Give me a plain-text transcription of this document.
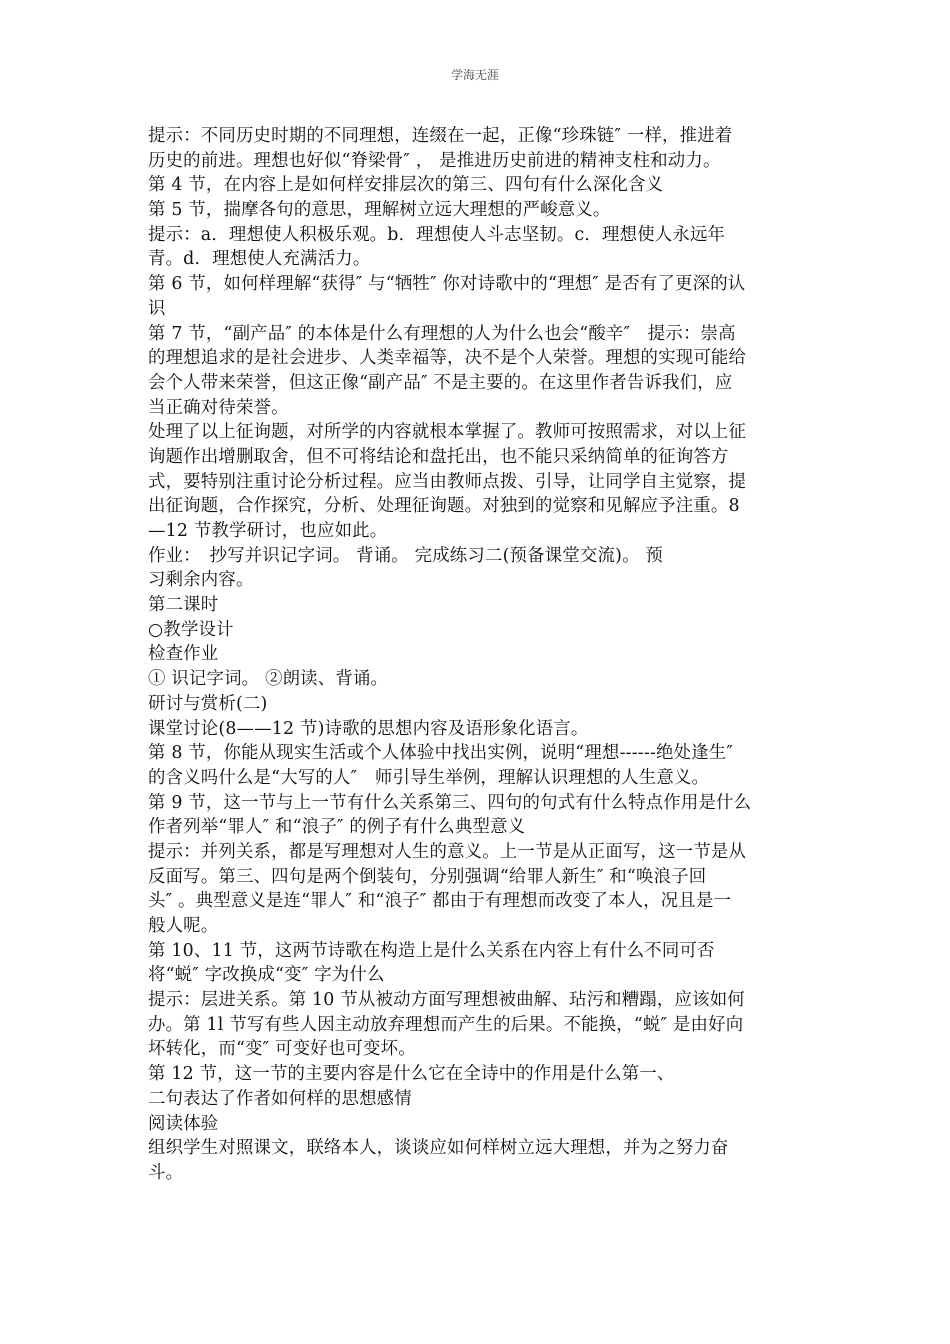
学海无涯
提示：不同历史时期的不同理想，连缀在一起，正像“珍珠链″ 一样，推进着
历史的前进。理想也好似“脊梁骨″ ， 是推进历史前进的精神支柱和动力。
第 4 节，在内容上是如何样安排层次的第三、四句有什么深化含义
第 5 节，揣摩各句的意思，理解树立远大理想的严峻意义。
提示：a．理想使人积极乐观。b．理想使人斗志坚韧。c．理想使人永远年
青。d．理想使人充满活力。
第 6 节，如何样理解“获得″ 与“牺牲″ 你对诗歌中的“理想″ 是否有了更深的认
识
第 7 节，“副产品″ 的本体是什么有理想的人为什么也会“酸辛″　提示：崇高
的理想追求的是社会进步、人类幸福等，决不是个人荣誉。理想的实现可能给
会个人带来荣誉，但这正像“副产品″ 不是主要的。在这里作者告诉我们，应
当正确对待荣誉。
处理了以上征询题，对所学的内容就根本掌握了。教师可按照需求，对以上征
询题作出增删取舍，但不可将结论和盘托出，也不能只采纳简单的征询答方
式，要特别注重讨论分析过程。应当由教师点拨、引导，让同学自主觉察，提
出征询题，合作探究，分析、处理征询题。对独到的觉察和见解应予注重。8
—12 节教学研讨，也应如此。
作业：　抄写并识记字词。 背诵。 完成练习二(预备课堂交流)。 预
习剩余内容。
第二课时
○教学设计
检查作业
① 识记字词。 ②朗读、背诵。
研讨与赏析(二)
课堂讨论(8——12 节)诗歌的思想内容及语形象化语言。
第 8 节，你能从现实生活或个人体验中找出实例，说明“理想------绝处逢生″
的含义吗什么是“大写的人″　师引导生举例，理解认识理想的人生意义。
第 9 节，这一节与上一节有什么关系第三、四句的句式有什么特点作用是什么
作者列举“罪人″ 和“浪子″ 的例子有什么典型意义
提示：并列关系，都是写理想对人生的意义。上一节是从正面写，这一节是从
反面写。第三、四句是两个倒装句，分别强调“给罪人新生″ 和“唤浪子回
头″ 。典型意义是连“罪人″ 和“浪子″ 都由于有理想而改变了本人，况且是一
般人呢。
第 10、11 节，这两节诗歌在构造上是什么关系在内容上有什么不同可否
将“蜕″ 字改换成“变″ 字为什么
提示：层进关系。第 10 节从被动方面写理想被曲解、玷污和糟蹋，应该如何
办。第 1l 节写有些人因主动放弃理想而产生的后果。不能换，“蜕″ 是由好向
坏转化，而“变″ 可变好也可变坏。
第 12 节，这一节的主要内容是什么它在全诗中的作用是什么第一、
二句表达了作者如何样的思想感情
阅读体验
组织学生对照课文，联络本人，谈谈应如何样树立远大理想，并为之努力奋
斗。
